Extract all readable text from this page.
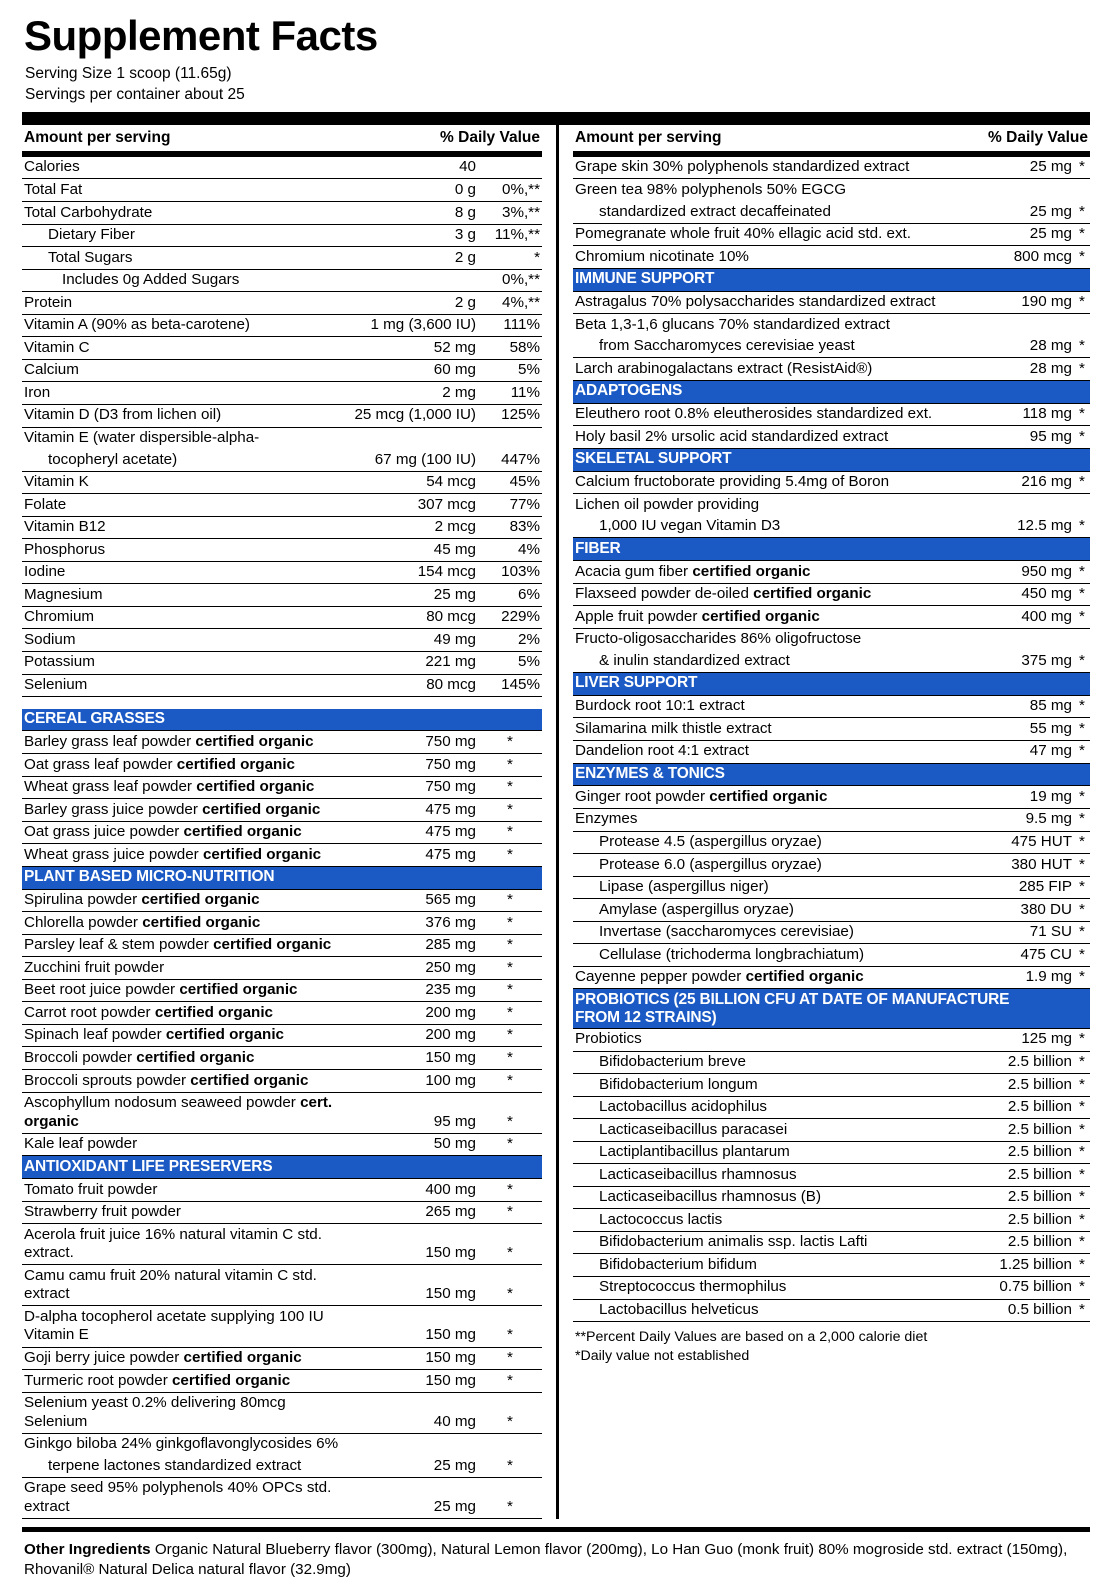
Supplement Facts
Serving Size 1 scoop (11.65g)
Servings per container about 25
Amount per serving	% Daily Value
Calories	40	
Total Fat	0 g	0%,**
Total Carbohydrate	8 g	3%,**
Dietary Fiber	3 g	11%,**
Total Sugars	2 g	*
Includes 0g Added Sugars		0%,**
Protein	2 g	4%,**
Vitamin A (90% as beta-carotene)	1 mg (3,600 IU)	111%
Vitamin C	52 mg	58%
Calcium	60 mg	5%
Iron	2 mg	11%
Vitamin D (D3 from lichen oil)	25 mcg (1,000 IU)	125%
Vitamin E (water dispersible-alpha-		
tocopheryl acetate)	67 mg (100 IU)	447%
Vitamin K	54 mcg	45%
Folate	307 mcg	77%
Vitamin B12	2 mcg	83%
Phosphorus	45 mg	4%
Iodine	154 mcg	103%
Magnesium	25 mg	6%
Chromium	80 mcg	229%
Sodium	49 mg	2%
Potassium	221 mg	5%
Selenium	80 mcg	145%

CEREAL GRASSES		
Barley grass leaf powder certified organic	750 mg	*
Oat grass leaf powder certified organic	750 mg	*
Wheat grass leaf powder certified organic	750 mg	*
Barley grass juice powder certified organic	475 mg	*
Oat grass juice powder certified organic	475 mg	*
Wheat grass juice powder certified organic	475 mg	*
PLANT BASED MICRO-NUTRITION		
Spirulina powder certified organic	565 mg	*
Chlorella powder certified organic	376 mg	*
Parsley leaf & stem powder certified organic	285 mg	*
Zucchini fruit powder	250 mg	*
Beet root juice powder certified organic	235 mg	*
Carrot root powder certified organic	200 mg	*
Spinach leaf powder certified organic	200 mg	*
Broccoli powder certified organic	150 mg	*
Broccoli sprouts powder certified organic	100 mg	*
Ascophyllum nodosum seaweed powder cert. organic	95 mg	*
Kale leaf powder	50 mg	*
ANTIOXIDANT LIFE PRESERVERS		
Tomato fruit powder	400 mg	*
Strawberry fruit powder	265 mg	*
Acerola fruit juice 16% natural vitamin C std. extract.	150 mg	*
Camu camu fruit 20% natural vitamin C std. extract	150 mg	*
D-alpha tocopherol acetate supplying 100 IU Vitamin E	150 mg	*
Goji berry juice powder certified organic	150 mg	*
Turmeric root powder certified organic	150 mg	*
Selenium yeast 0.2% delivering 80mcg Selenium	40 mg	*
Ginkgo biloba 24% ginkgoflavonglycosides 6%		
terpene lactones standardized extract	25 mg	*
Grape seed 95% polyphenols 40% OPCs std. extract	25 mg	*
Amount per serving	% Daily Value
Grape skin 30% polyphenols standardized extract	25 mg	*
Green tea 98% polyphenols 50% EGCG		
standardized extract decaffeinated	25 mg	*
Pomegranate whole fruit 40% ellagic acid std. ext.	25 mg	*
Chromium nicotinate 10%	800 mcg	*
IMMUNE SUPPORT		
Astragalus 70% polysaccharides standardized extract	190 mg	*
Beta 1,3-1,6 glucans 70% standardized extract		
from Saccharomyces cerevisiae yeast	28 mg	*
Larch arabinogalactans extract (ResistAid®)	28 mg	*
ADAPTOGENS		
Eleuthero root 0.8% eleutherosides standardized ext.	118 mg	*
Holy basil 2% ursolic acid standardized extract	95 mg	*
SKELETAL SUPPORT		
Calcium fructoborate providing 5.4mg of Boron	216 mg	*
Lichen oil powder providing		
1,000 IU vegan Vitamin D3	12.5 mg	*
FIBER		
Acacia gum fiber certified organic	950 mg	*
Flaxseed powder de-oiled certified organic	450 mg	*
Apple fruit powder certified organic	400 mg	*
Fructo-oligosaccharides 86% oligofructose		
& inulin standardized extract	375 mg	*
LIVER SUPPORT		
Burdock root 10:1 extract	85 mg	*
Silamarina milk thistle extract	55 mg	*
Dandelion root 4:1 extract	47 mg	*
ENZYMES & TONICS		
Ginger root powder certified organic	19 mg	*
Enzymes	9.5 mg	*
Protease 4.5 (aspergillus oryzae)	475 HUT	*
Protease 6.0 (aspergillus oryzae)	380 HUT	*
Lipase (aspergillus niger)	285 FIP	*
Amylase (aspergillus oryzae)	380 DU	*
Invertase (saccharomyces cerevisiae)	71 SU	*
Cellulase (trichoderma longbrachiatum)	475 CU	*
Cayenne pepper powder certified organic	1.9 mg	*
PROBIOTICS (25 BILLION CFU AT DATE OF MANUFACTURE
FROM 12 STRAINS)		
Probiotics	125 mg	*
Bifidobacterium breve	2.5 billion	*
Bifidobacterium longum	2.5 billion	*
Lactobacillus acidophilus	2.5 billion	*
Lacticaseibacillus paracasei	2.5 billion	*
Lactiplantibacillus plantarum	2.5 billion	*
Lacticaseibacillus rhamnosus	2.5 billion	*
Lacticaseibacillus rhamnosus (B)	2.5 billion	*
Lactococcus lactis	2.5 billion	*
Bifidobacterium animalis ssp. lactis Lafti	2.5 billion	*
Bifidobacterium bifidum	1.25 billion	*
Streptococcus thermophilus	0.75 billion	*
Lactobacillus helveticus	0.5 billion	*
**Percent Daily Values are based on a 2,000 calorie diet
*Daily value not established
Other Ingredients Organic Natural Blueberry flavor (300mg), Natural Lemon flavor (200mg), Lo Han Guo (monk fruit) 80% mogroside std. extract (150mg), Rhovanil® Natural Delica natural flavor (32.9mg)
